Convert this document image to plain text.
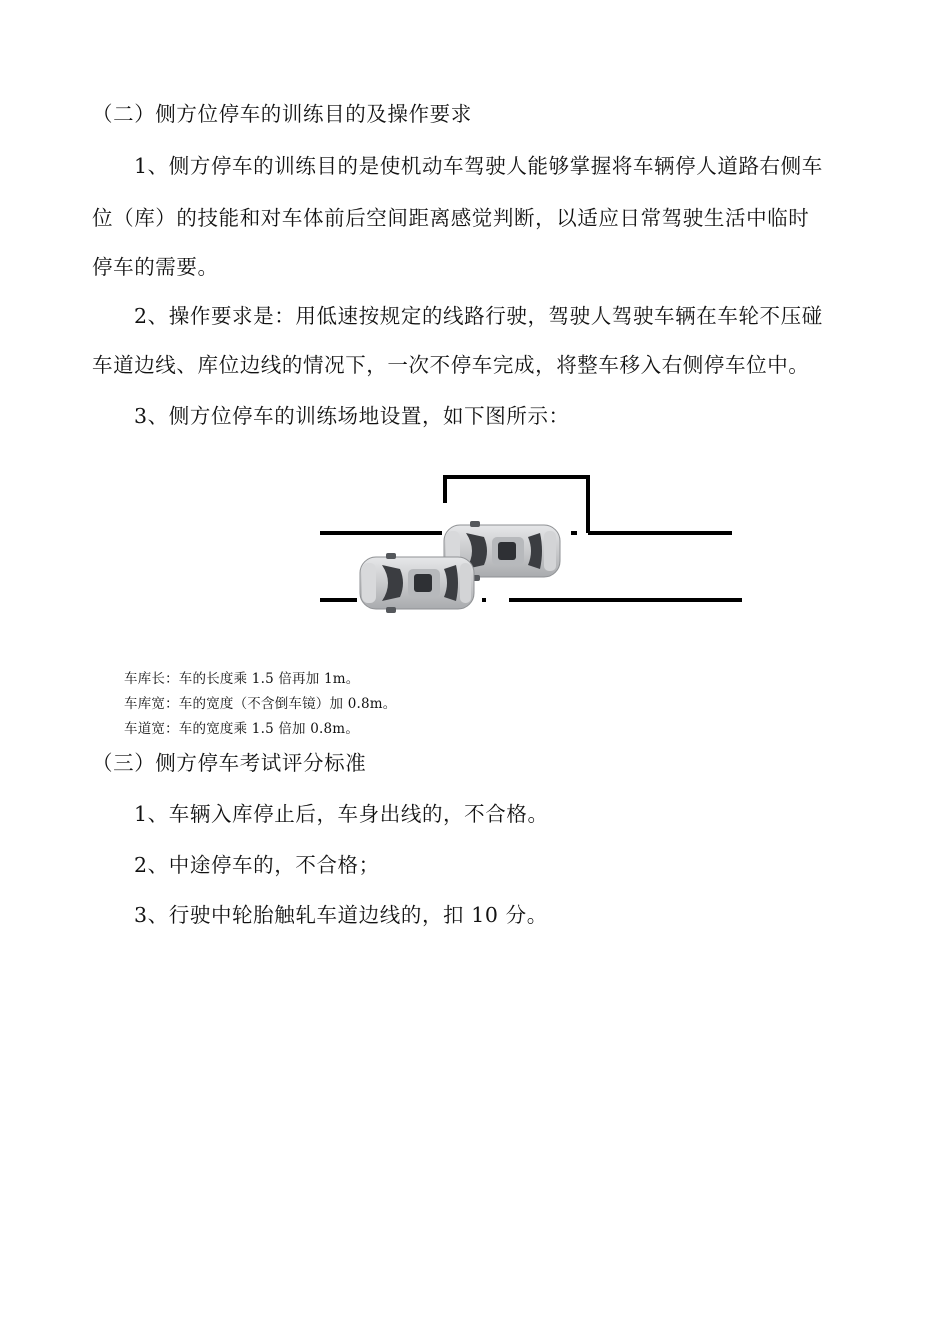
（二）侧方位停车的训练目的及操作要求
1、侧方停车的训练目的是使机动车驾驶人能够掌握将车辆停人道路右侧车
位（库）的技能和对车体前后空间距离感觉判断，以适应日常驾驶生活中临时
停车的需要。
2、操作要求是：用低速按规定的线路行驶，驾驶人驾驶车辆在车轮不压碰
车道边线、库位边线的情况下，一次不停车完成，将整车移入右侧停车位中。
3、侧方位停车的训练场地设置，如下图所示：
车库长：车的长度乘 1.5 倍再加 1m。
车库宽：车的宽度（不含倒车镜）加 0.8m。
车道宽：车的宽度乘 1.5 倍加 0.8m。
（三）侧方停车考试评分标准
1、车辆入库停止后，车身出线的，不合格。
2、中途停车的，不合格；
3、行驶中轮胎触轧车道边线的，扣 10 分。
